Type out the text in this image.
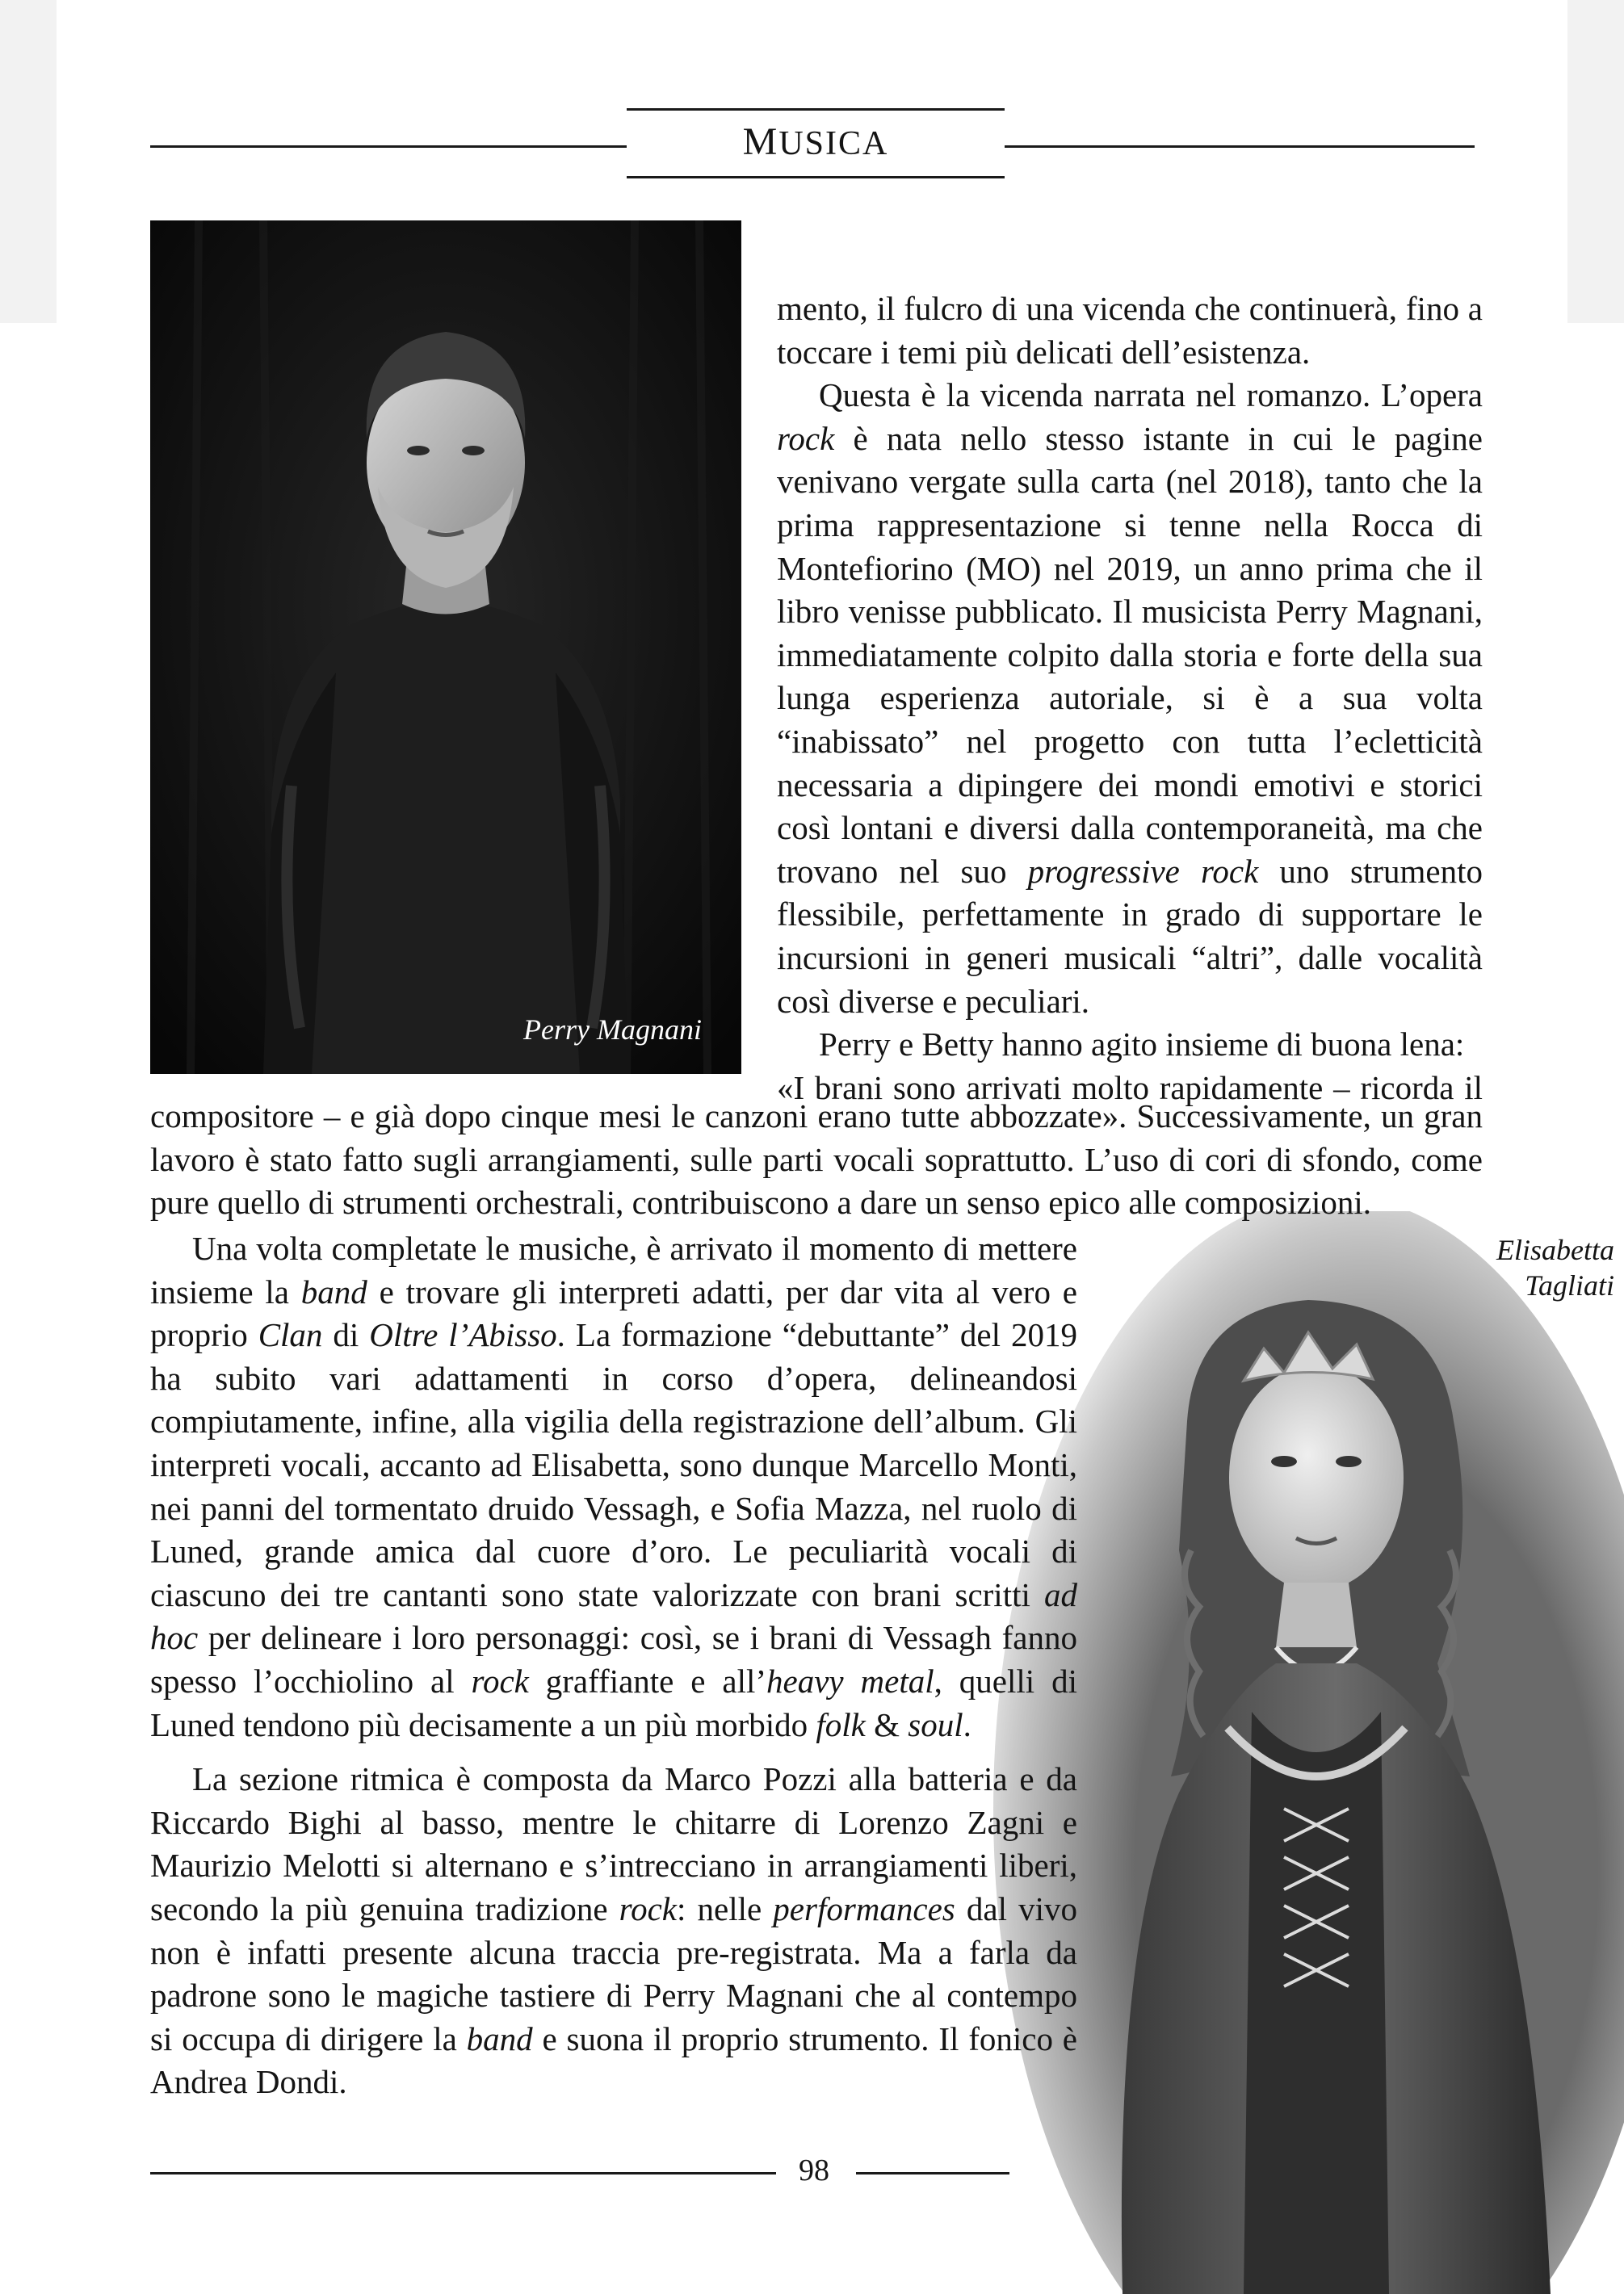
MUSICA
Perry Magnani
Elisabetta
Tagliati

mento, il fulcro di una vicenda che continuerà, fino a toccare i temi più delicati dell’esistenza.

Questa è la vicenda narrata nel romanzo. L’opera rock è nata nello stesso istante in cui le pagine venivano vergate sulla carta (nel 2018), tanto che la prima rappresentazione si tenne nella Rocca di Montefiorino (MO) nel 2019, un anno prima che il libro venisse pubblicato. Il musicista Perry Magnani, immediatamente colpito dalla storia e forte della sua lunga esperienza autoriale, si è a sua volta “inabissato” nel progetto con tutta l’ecletticità necessaria a dipingere dei mondi emotivi e storici così lontani e diversi dalla contemporaneità, ma che trovano nel suo progressive rock uno strumento flessibile, perfettamente in grado di supportare le incursioni in generi musicali “altri”, dalle vocalità così diverse e peculiari.

Perry e Betty hanno agito insieme di buona lena:

«I brani sono arrivati molto rapidamente – ricorda il

compositore – e già dopo cinque mesi le canzoni erano tutte abbozzate». Successivamente, un gran lavoro è stato fatto sugli arrangiamenti, sulle parti vocali soprattutto. L’uso di cori di sfondo, come pure quello di strumenti orchestrali, contribuiscono a dare un senso epico alle composizioni.

Una volta completate le musiche, è arrivato il momento di mettere insieme la band e trovare gli interpreti adatti, per dar vita al vero e proprio Clan di Oltre l’Abisso. La formazione “debuttante” del 2019 ha subito vari adattamenti in corso d’opera, delineandosi compiutamente, infine, alla vigilia della registrazione dell’album. Gli interpreti vocali, accanto ad Elisabetta, sono dunque Marcello Monti, nei panni del tormentato druido Vessagh, e Sofia Mazza, nel ruolo di Luned, grande amica dal cuore d’oro. Le peculiarità vocali di ciascuno dei tre cantanti sono state valorizzate con brani scritti ad hoc per delineare i loro personaggi: così, se i brani di Vessagh fanno spesso l’occhiolino al rock graffiante e all’heavy metal, quelli di Luned tendono più decisamente a un più morbido folk & soul.

La sezione ritmica è composta da Marco Pozzi alla batteria e da Riccardo Bighi al basso, mentre le chitarre di Lorenzo Zagni e Maurizio Melotti si alternano e s’intrecciano in arrangiamenti liberi, secondo la più genuina tradizione rock: nelle performances dal vivo non è infatti presente alcuna traccia pre-registrata. Ma a farla da padrone sono le magiche tastiere di Perry Magnani che al contempo si occupa di dirigere la band e suona il proprio strumento. Il fonico è Andrea Dondi.

98
